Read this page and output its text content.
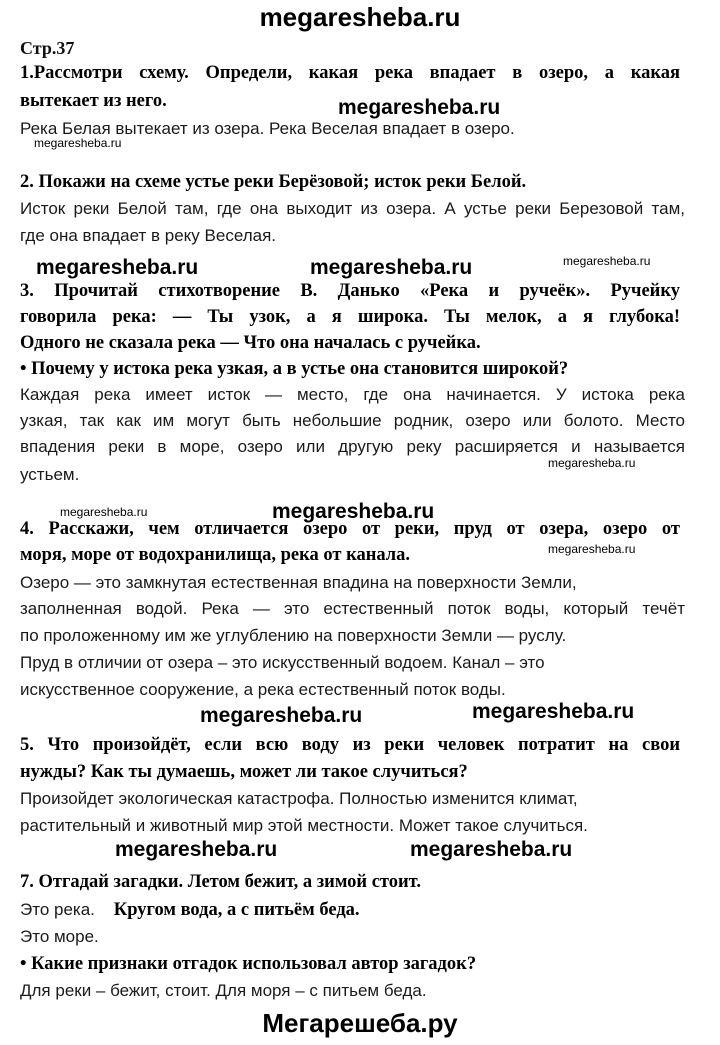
megaresheba.ru
Стр.37
1.Рассмотри схему. Определи, какая река впадает в озеро, а какая
вытекает из него.	megaresheba.ru
Река Белая вытекает из озера. Река Веселая впадает в озеро.
megaresheba.ru
2. Покажи на схеме устье реки Берёзовой; исток реки Белой.
Исток реки Белой там, где она выходит из озера. А устье реки Березовой там,
где она впадает в реку Веселая.
megaresheba.ru
megaresheba.ru	megaresheba.ru
3. Прочитай стихотворение В. Данько «Река и ручеёк». Ручейку
говорила река: — Ты узок, а я широка. Ты мелок, а я глубока!
Одного не сказала река — Что она началась с ручейка.
• Почему у истока река узкая, а в устье она становится широкой?
Каждая река имеет исток — место, где она начинается. У истока река
узкая, так как им могут быть небольшие родник, озеро или болото. Место
впадения реки в море, озеро или другую реку расширяется и называется
megaresheba.ru
устьем.
megaresheba.ru	megaresheba.ru
4. Расскажи, чем отличается озеро от реки, пруд от озера, озеро от
megaresheba.ru
моря, море от водохранилища, река от канала.
Озеро — это замкнутая естественная впадина на поверхности Земли,
заполненная водой. Река — это естественный поток воды, который течёт
по проложенному им же углублению на поверхности Земли — руслу.
Пруд в отличии от озера – это искусственный водоем. Канал – это
искусственное сооружение, а река естественный поток воды.
megaresheba.ru	megaresheba.ru
5. Что произойдёт, если всю воду из реки человек потратит на свои
нужды? Как ты думаешь, может ли такое случиться?
Произойдет экологическая катастрофа. Полностью изменится климат,
растительный и животный мир этой местности. Может такое случиться.
megaresheba.ru	megaresheba.ru
7. Отгадай загадки. Летом бежит, а зимой стоит.
Это река. Кругом вода, а с питьём беда.
Это море.
• Какие признаки отгадок использовал автор загадок?
Для реки – бежит, стоит. Для моря – с питьем беда.
Мегарешеба.ру
